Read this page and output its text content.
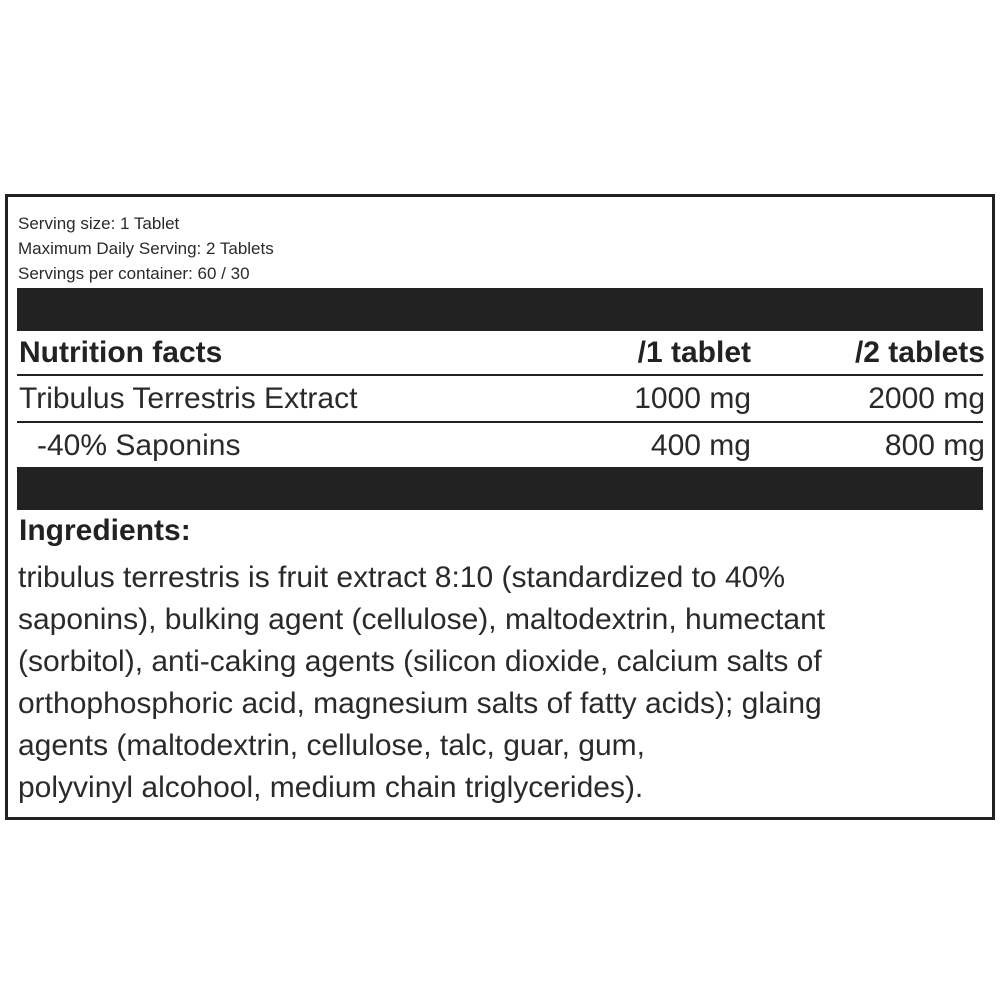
Serving size: 1 Tablet
Maximum Daily Serving: 2 Tablets
Servings per container: 60 / 30
Nutrition facts	/1 tablet	/2 tablets
Tribulus Terrestris Extract	1000 mg	2000 mg
-40% Saponins	400 mg	800 mg
Ingredients:
tribulus terrestris is fruit extract 8:10 (standardized to 40%
saponins), bulking agent (cellulose), maltodextrin, humectant
(sorbitol), anti-caking agents (silicon dioxide, calcium salts of
orthophosphoric acid, magnesium salts of fatty acids); glaing
agents (maltodextrin, cellulose, talc, guar, gum,
polyvinyl alcohool, medium chain triglycerides).
